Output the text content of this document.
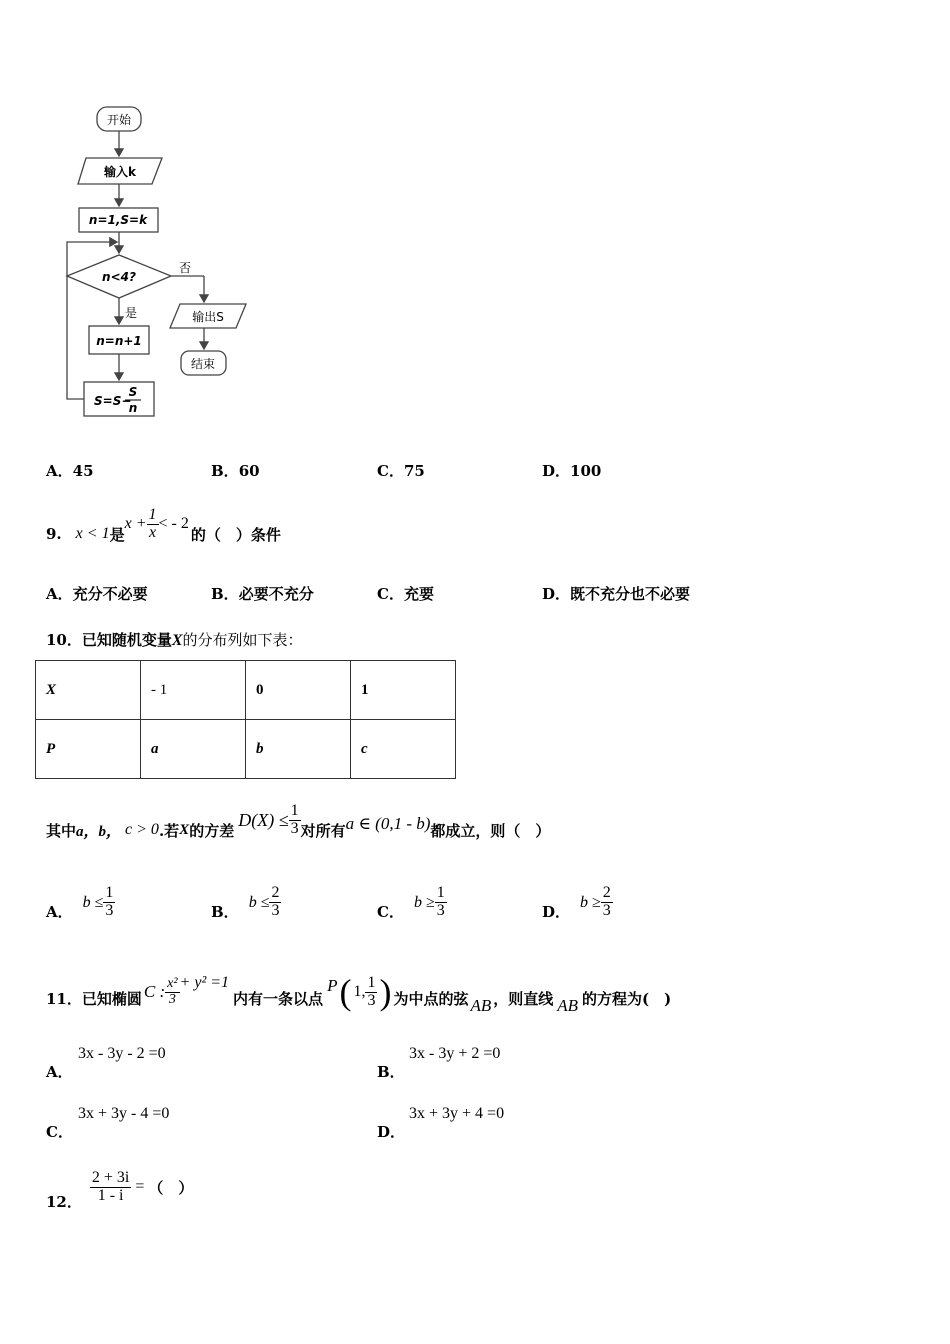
开始
输入k
n=1,S=k
n<4?
否
是	输出S
结束
n=n+1
S=S−
S
n
A．45	B．60	C．75	D．100
9. x < 1 是
$x + \frac{1}{x}$ < - 2
的（　）条件
A．充分不必要	B．必要不充分	C．充要	D．既不充分也不必要
10．已知随机变量X的分布列如下表：
X	- 1	0	1
P	a	b	c
其中 a，b， c > 0 .若 X 的方差
$D(X) \le \frac{1}{3}$ 对所有 a ∈ (0,1 - b) 都成立，则（　）
A．
$b \le \frac{1}{3}$	B．
$b \le \frac{2}{3}$	C．
$b \ge \frac{1}{3}$	D．
$b \ge \frac{2}{3}$
11．已知椭圆 C : $\frac{\text{x²}}{3} + y^2 =1$
内有一条以点
P ( 1, $\frac{1}{3}$ ) 为中点的弦 AB ，则直线 AB 的方程为(　)
A．
3x - 3y - 2 =0
B．
3x - 3y + 2 =0
C．
3x + 3y - 4 =0
D．
3x + 3y + 4 =0
12． $\frac{2 + 3i}{1 - i}$ = （　）
